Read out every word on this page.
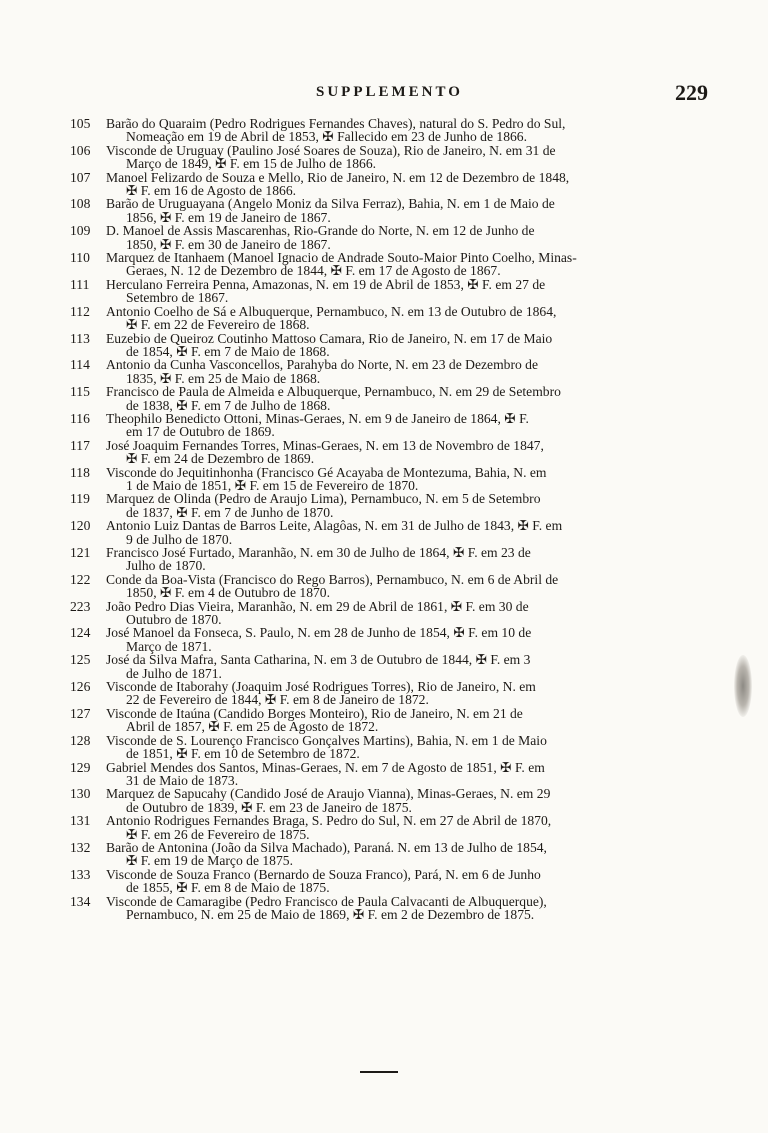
SUPPLEMENTO	229
105	Barão do Quaraim (Pedro Rodrigues Fernandes Chaves), natural do S. Pedro do Sul,
Nomeação em 19 de Abril de 1853, ✠ Fallecido em 23 de Junho de 1866.
106	Visconde de Uruguay (Paulino José Soares de Souza), Rio de Janeiro, N. em 31 de
Março de 1849, ✠ F. em 15 de Julho de 1866.
107	Manoel Felizardo de Souza e Mello, Rio de Janeiro, N. em 12 de Dezembro de 1848,
✠ F. em 16 de Agosto de 1866.
108	Barão de Uruguayana (Angelo Moniz da Silva Ferraz), Bahia, N. em 1 de Maio de
1856, ✠ F. em 19 de Janeiro de 1867.
109	D. Manoel de Assis Mascarenhas, Rio-Grande do Norte, N. em 12 de Junho de
1850, ✠ F. em 30 de Janeiro de 1867.
110	Marquez de Itanhaem (Manoel Ignacio de Andrade Souto-Maior Pinto Coelho, Minas-
Geraes, N. 12 de Dezembro de 1844, ✠ F. em 17 de Agosto de 1867.
111	Herculano Ferreira Penna, Amazonas, N. em 19 de Abril de 1853, ✠ F. em 27 de
Setembro de 1867.
112	Antonio Coelho de Sá e Albuquerque, Pernambuco, N. em 13 de Outubro de 1864,
✠ F. em 22 de Fevereiro de 1868.
113	Euzebio de Queiroz Coutinho Mattoso Camara, Rio de Janeiro, N. em 17 de Maio
de 1854, ✠ F. em 7 de Maio de 1868.
114	Antonio da Cunha Vasconcellos, Parahyba do Norte, N. em 23 de Dezembro de
1835, ✠ F. em 25 de Maio de 1868.
115	Francisco de Paula de Almeida e Albuquerque, Pernambuco, N. em 29 de Setembro
de 1838, ✠ F. em 7 de Julho de 1868.
116	Theophilo Benedicto Ottoni, Minas-Geraes, N. em 9 de Janeiro de 1864, ✠ F.
em 17 de Outubro de 1869.
117	José Joaquim Fernandes Torres, Minas-Geraes, N. em 13 de Novembro de 1847,
✠ F. em 24 de Dezembro de 1869.
118	Visconde do Jequitinhonha (Francisco Gé Acayaba de Montezuma, Bahia, N. em
1 de Maio de 1851, ✠ F. em 15 de Fevereiro de 1870.
119	Marquez de Olinda (Pedro de Araujo Lima), Pernambuco, N. em 5 de Setembro
de 1837, ✠ F. em 7 de Junho de 1870.
120	Antonio Luiz Dantas de Barros Leite, Alagôas, N. em 31 de Julho de 1843, ✠ F. em
9 de Julho de 1870.
121	Francisco José Furtado, Maranhão, N. em 30 de Julho de 1864, ✠ F. em 23 de
Julho de 1870.
122	Conde da Boa-Vista (Francisco do Rego Barros), Pernambuco, N. em 6 de Abril de
1850, ✠ F. em 4 de Outubro de 1870.
223	João Pedro Dias Vieira, Maranhão, N. em 29 de Abril de 1861, ✠ F. em 30 de
Outubro de 1870.
124	José Manoel da Fonseca, S. Paulo, N. em 28 de Junho de 1854, ✠ F. em 10 de
Março de 1871.
125	José da Silva Mafra, Santa Catharina, N. em 3 de Outubro de 1844, ✠ F. em 3
de Julho de 1871.
126	Visconde de Itaborahy (Joaquim José Rodrigues Torres), Rio de Janeiro, N. em
22 de Fevereiro de 1844, ✠ F. em 8 de Janeiro de 1872.
127	Visconde de Itaúna (Candido Borges Monteiro), Rio de Janeiro, N. em 21 de
Abril de 1857, ✠ F. em 25 de Agosto de 1872.
128	Visconde de S. Lourenço Francisco Gonçalves Martins), Bahia, N. em 1 de Maio
de 1851, ✠ F. em 10 de Setembro de 1872.
129	Gabriel Mendes dos Santos, Minas-Geraes, N. em 7 de Agosto de 1851, ✠ F. em
31 de Maio de 1873.
130	Marquez de Sapucahy (Candido José de Araujo Vianna), Minas-Geraes, N. em 29
de Outubro de 1839, ✠ F. em 23 de Janeiro de 1875.
131	Antonio Rodrigues Fernandes Braga, S. Pedro do Sul, N. em 27 de Abril de 1870,
✠ F. em 26 de Fevereiro de 1875.
132	Barão de Antonina (João da Silva Machado), Paraná. N. em 13 de Julho de 1854,
✠ F. em 19 de Março de 1875.
133	Visconde de Souza Franco (Bernardo de Souza Franco), Pará, N. em 6 de Junho
de 1855, ✠ F. em 8 de Maio de 1875.
134	Visconde de Camaragibe (Pedro Francisco de Paula Calvacanti de Albuquerque),
Pernambuco, N. em 25 de Maio de 1869, ✠ F. em 2 de Dezembro de 1875.
